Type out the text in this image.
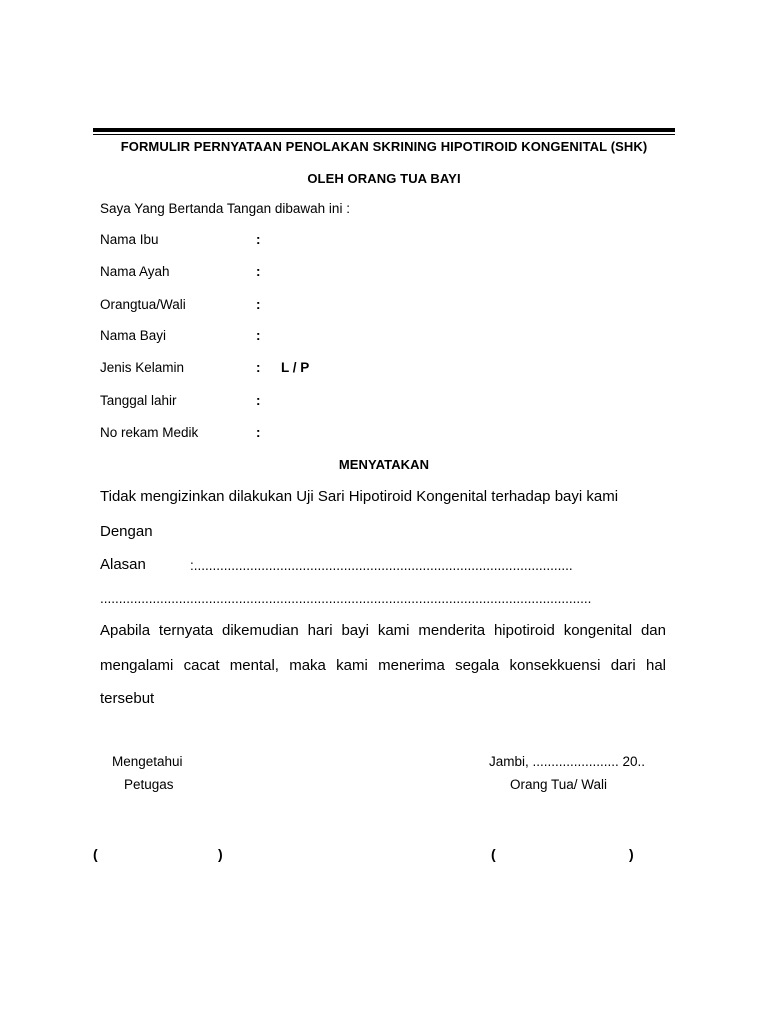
FORMULIR PERNYATAAN PENOLAKAN SKRINING HIPOTIROID KONGENITAL (SHK)
OLEH ORANG TUA BAYI
Saya Yang Bertanda Tangan dibawah ini :
Nama Ibu	:
Nama Ayah	:
Orangtua/Wali	:
Nama Bayi	:
Jenis Kelamin	: L / P
Tanggal lahir	:
No rekam Medik	:
MENYATAKAN
Tidak mengizinkan dilakukan Uji Sari Hipotiroid Kongenital terhadap bayi kami
Dengan
Alasan	:.....................................................................................................
...................................................................................................................................
Apabila ternyata dikemudian hari bayi kami menderita hipotiroid kongenital dan
mengalami cacat mental, maka kami menerima segala konsekkuensi dari hal
tersebut
Mengetahui
Petugas
(	)
Jambi, ....................... 20..
Orang Tua/ Wali
(	)
